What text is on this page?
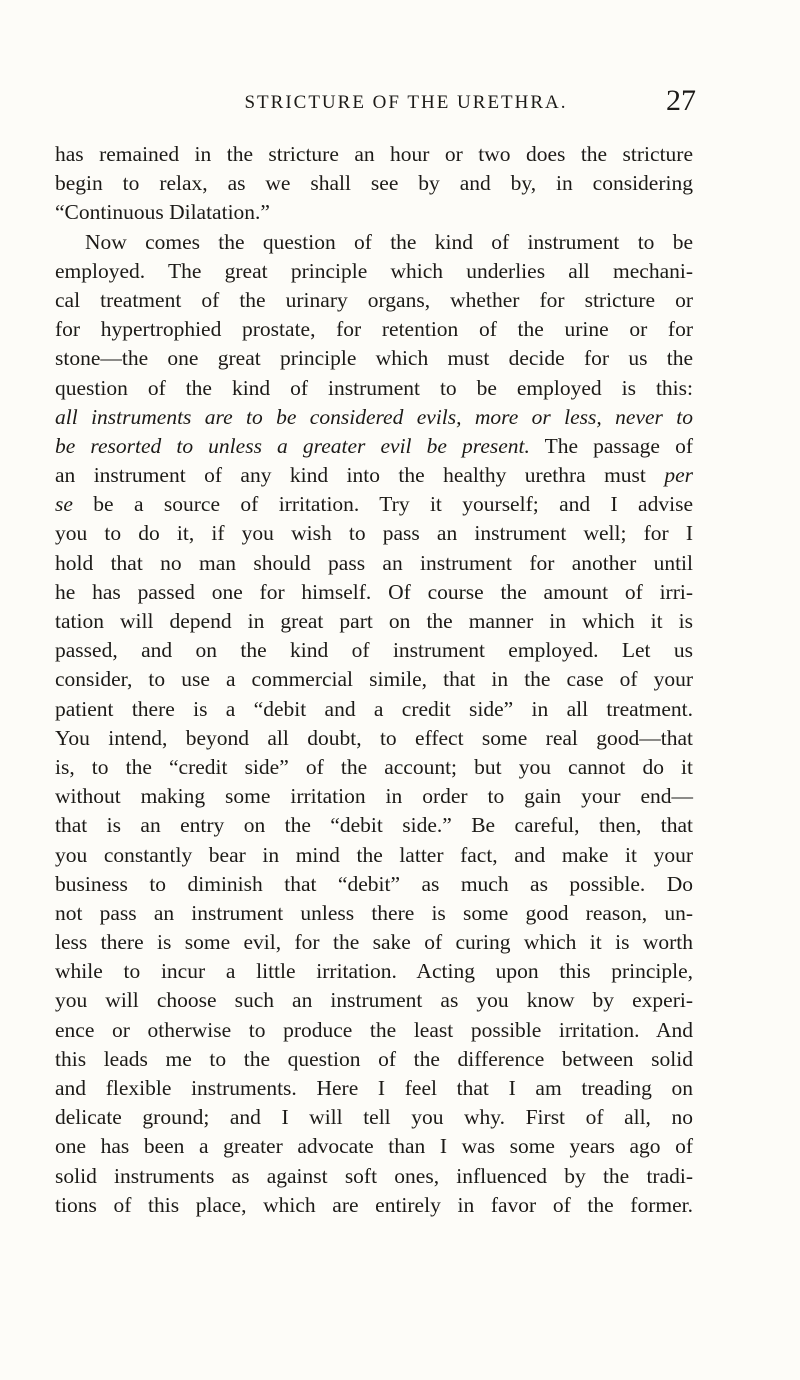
STRICTURE OF THE URETHRA.	27
has remained in the stricture an hour or two does the stricture
begin to relax, as we shall see by and by, in considering
“Continuous Dilatation.”
Now comes the question of the kind of instrument to be
employed. The great principle which underlies all mechani-
cal treatment of the urinary organs, whether for stricture or
for hypertrophied prostate, for retention of the urine or for
stone—the one great principle which must decide for us the
question of the kind of instrument to be employed is this:
all instruments are to be considered evils, more or less, never to
be resorted to unless a greater evil be present. The passage of
an instrument of any kind into the healthy urethra must per
se be a source of irritation. Try it yourself; and I advise
you to do it, if you wish to pass an instrument well; for I
hold that no man should pass an instrument for another until
he has passed one for himself. Of course the amount of irri-
tation will depend in great part on the manner in which it is
passed, and on the kind of instrument employed. Let us
consider, to use a commercial simile, that in the case of your
patient there is a “debit and a credit side” in all treatment.
You intend, beyond all doubt, to effect some real good—that
is, to the “credit side” of the account; but you cannot do it
without making some irritation in order to gain your end—
that is an entry on the “debit side.” Be careful, then, that
you constantly bear in mind the latter fact, and make it your
business to diminish that “debit” as much as possible. Do
not pass an instrument unless there is some good reason, un-
less there is some evil, for the sake of curing which it is worth
while to incur a little irritation. Acting upon this principle,
you will choose such an instrument as you know by experi-
ence or otherwise to produce the least possible irritation. And
this leads me to the question of the difference between solid
and flexible instruments. Here I feel that I am treading on
delicate ground; and I will tell you why. First of all, no
one has been a greater advocate than I was some years ago of
solid instruments as against soft ones, influenced by the tradi-
tions of this place, which are entirely in favor of the former.
